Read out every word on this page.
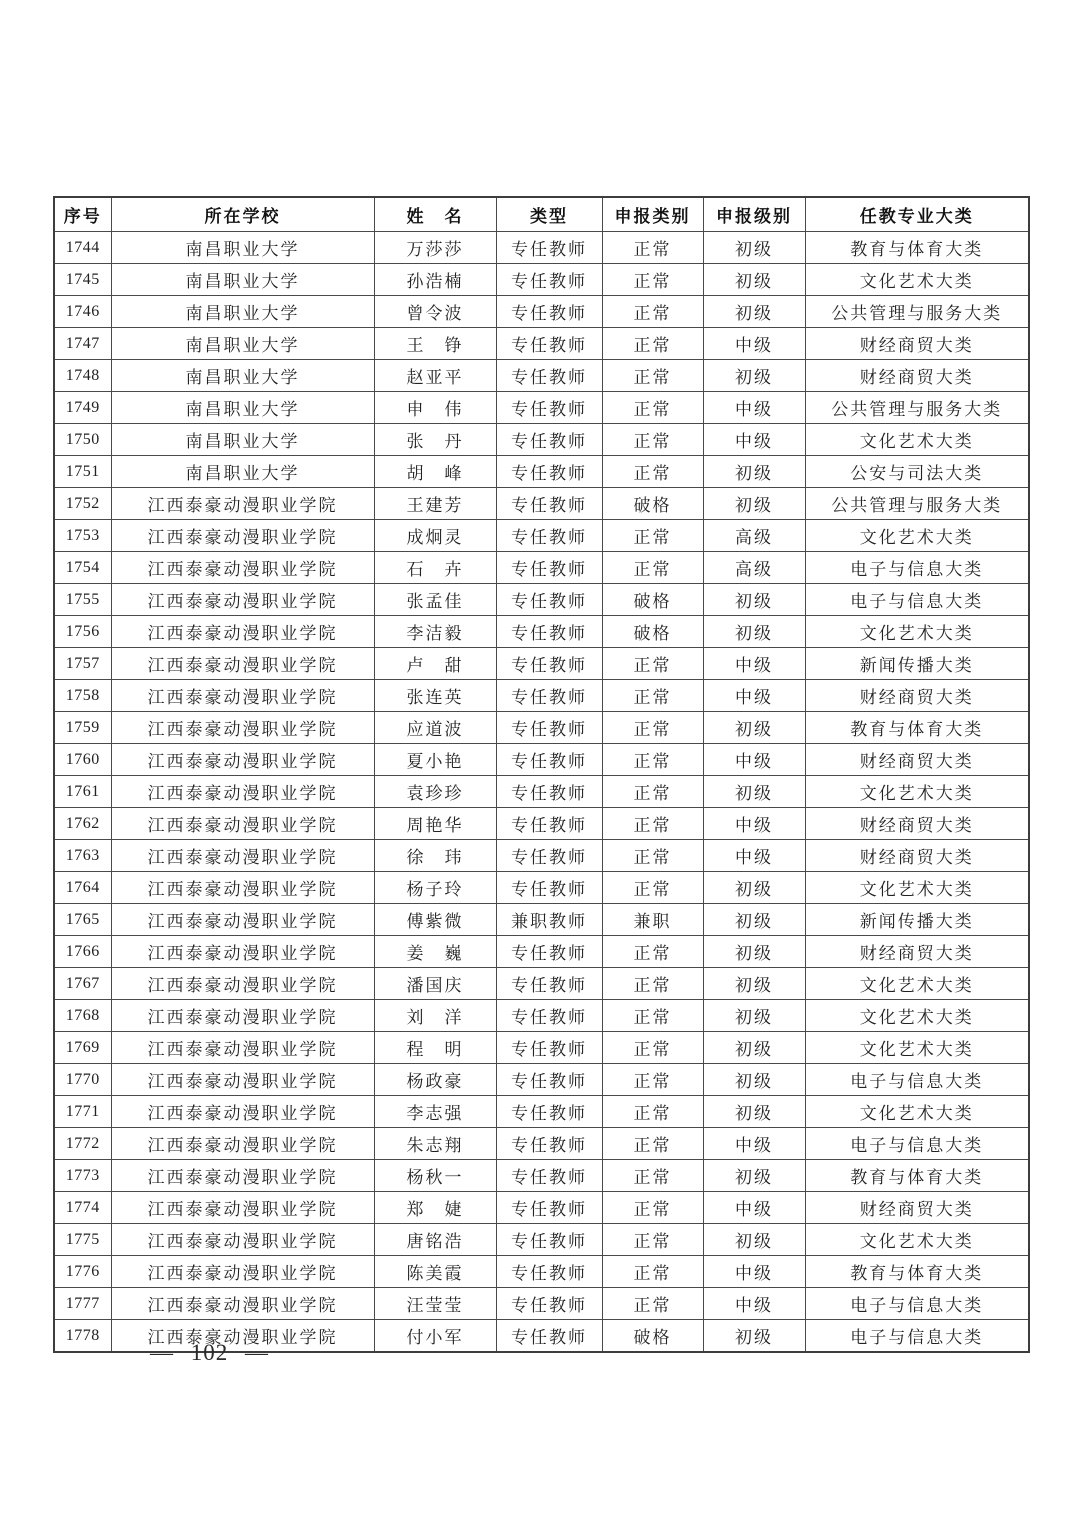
序号	所在学校	姓　名	类型	申报类别	申报级别	任教专业大类
1744	南昌职业大学	万莎莎	专任教师	正常	初级	教育与体育大类
1745	南昌职业大学	孙浩楠	专任教师	正常	初级	文化艺术大类
1746	南昌职业大学	曾令波	专任教师	正常	初级	公共管理与服务大类
1747	南昌职业大学	王　铮	专任教师	正常	中级	财经商贸大类
1748	南昌职业大学	赵亚平	专任教师	正常	初级	财经商贸大类
1749	南昌职业大学	申　伟	专任教师	正常	中级	公共管理与服务大类
1750	南昌职业大学	张　丹	专任教师	正常	中级	文化艺术大类
1751	南昌职业大学	胡　峰	专任教师	正常	初级	公安与司法大类
1752	江西泰豪动漫职业学院	王建芳	专任教师	破格	初级	公共管理与服务大类
1753	江西泰豪动漫职业学院	成炯灵	专任教师	正常	高级	文化艺术大类
1754	江西泰豪动漫职业学院	石　卉	专任教师	正常	高级	电子与信息大类
1755	江西泰豪动漫职业学院	张孟佳	专任教师	破格	初级	电子与信息大类
1756	江西泰豪动漫职业学院	李洁毅	专任教师	破格	初级	文化艺术大类
1757	江西泰豪动漫职业学院	卢　甜	专任教师	正常	中级	新闻传播大类
1758	江西泰豪动漫职业学院	张连英	专任教师	正常	中级	财经商贸大类
1759	江西泰豪动漫职业学院	应道波	专任教师	正常	初级	教育与体育大类
1760	江西泰豪动漫职业学院	夏小艳	专任教师	正常	中级	财经商贸大类
1761	江西泰豪动漫职业学院	袁珍珍	专任教师	正常	初级	文化艺术大类
1762	江西泰豪动漫职业学院	周艳华	专任教师	正常	中级	财经商贸大类
1763	江西泰豪动漫职业学院	徐　玮	专任教师	正常	中级	财经商贸大类
1764	江西泰豪动漫职业学院	杨子玲	专任教师	正常	初级	文化艺术大类
1765	江西泰豪动漫职业学院	傅紫微	兼职教师	兼职	初级	新闻传播大类
1766	江西泰豪动漫职业学院	姜　巍	专任教师	正常	初级	财经商贸大类
1767	江西泰豪动漫职业学院	潘国庆	专任教师	正常	初级	文化艺术大类
1768	江西泰豪动漫职业学院	刘　洋	专任教师	正常	初级	文化艺术大类
1769	江西泰豪动漫职业学院	程　明	专任教师	正常	初级	文化艺术大类
1770	江西泰豪动漫职业学院	杨政豪	专任教师	正常	初级	电子与信息大类
1771	江西泰豪动漫职业学院	李志强	专任教师	正常	初级	文化艺术大类
1772	江西泰豪动漫职业学院	朱志翔	专任教师	正常	中级	电子与信息大类
1773	江西泰豪动漫职业学院	杨秋一	专任教师	正常	初级	教育与体育大类
1774	江西泰豪动漫职业学院	郑　婕	专任教师	正常	中级	财经商贸大类
1775	江西泰豪动漫职业学院	唐铭浩	专任教师	正常	初级	文化艺术大类
1776	江西泰豪动漫职业学院	陈美霞	专任教师	正常	中级	教育与体育大类
1777	江西泰豪动漫职业学院	汪莹莹	专任教师	正常	中级	电子与信息大类
1778	江西泰豪动漫职业学院	付小军	专任教师	破格	初级	电子与信息大类
— 102 —
